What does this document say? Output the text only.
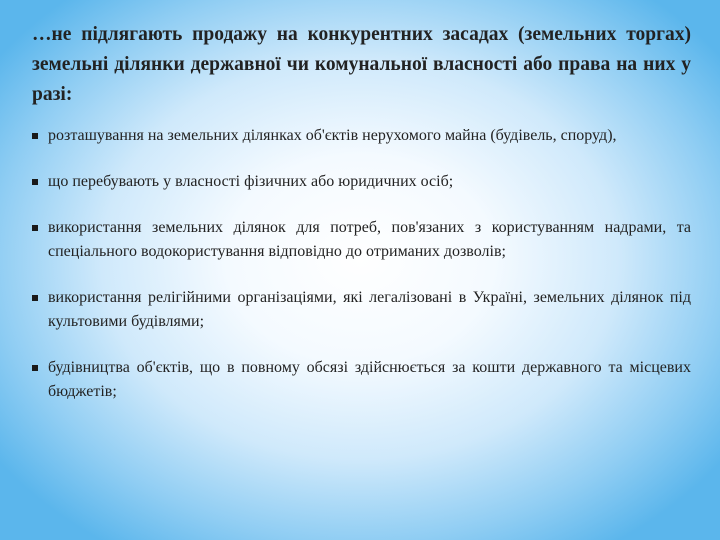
…не підлягають продажу на конкурентних засадах (земельних торгах) земельні ділянки державної чи комунальної власності або права на них у разі:

розташування на земельних ділянках об'єктів нерухомого майна (будівель, споруд),
що перебувають у власності фізичних або юридичних осіб;
використання земельних ділянок для потреб, пов'язаних з користуванням надрами, та спеціального водокористування відповідно до отриманих дозволів;
використання релігійними організаціями, які легалізовані в Україні, земельних ділянок під культовими будівлями;
будівництва об'єктів, що в повному обсязі здійснюється за кошти державного та місцевих бюджетів;
